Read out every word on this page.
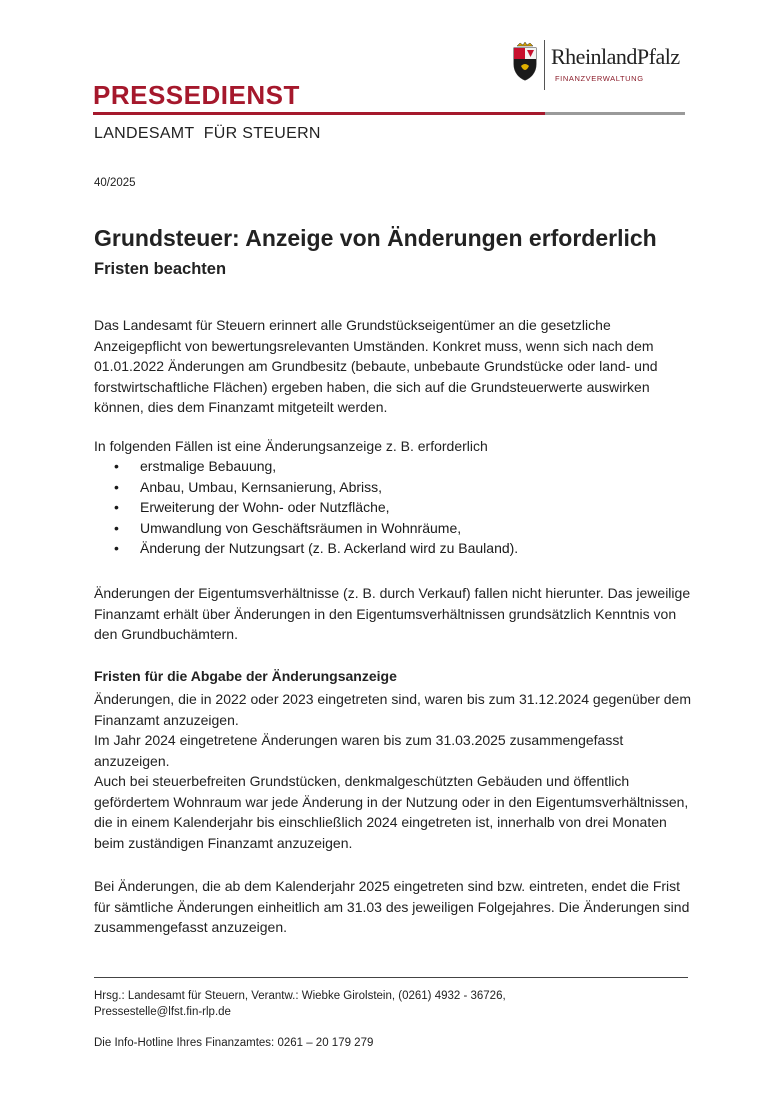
RheinlandPfalz
FINANZVERWALTUNG
PRESSEDIENST
LANDESAMT  FÜR STEUERN
40/2025
Grundsteuer: Anzeige von Änderungen erforderlich
Fristen beachten
Das Landesamt für Steuern erinnert alle Grundstückseigentümer an die gesetzliche Anzeigepflicht von bewertungsrelevanten Umständen. Konkret muss, wenn sich nach dem 01.01.2022 Änderungen am Grundbesitz (bebaute, unbebaute Grundstücke oder land- und forstwirtschaftliche Flächen) ergeben haben, die sich auf die Grundsteuerwerte auswirken können, dies dem Finanzamt mitgeteilt werden.
In folgenden Fällen ist eine Änderungsanzeige z. B. erforderlich
• erstmalige Bebauung,
• Anbau, Umbau, Kernsanierung, Abriss,
• Erweiterung der Wohn- oder Nutzfläche,
• Umwandlung von Geschäftsräumen in Wohnräume,
• Änderung der Nutzungsart (z. B. Ackerland wird zu Bauland).
Änderungen der Eigentumsverhältnisse (z. B. durch Verkauf) fallen nicht hierunter. Das jeweilige Finanzamt erhält über Änderungen in den Eigentumsverhältnissen grundsätzlich Kenntnis von den Grundbuchämtern.
Fristen für die Abgabe der Änderungsanzeige
Änderungen, die in 2022 oder 2023 eingetreten sind, waren bis zum 31.12.2024 gegenüber dem Finanzamt anzuzeigen.
Im Jahr 2024 eingetretene Änderungen waren bis zum 31.03.2025 zusammengefasst anzuzeigen.
Auch bei steuerbefreiten Grundstücken, denkmalgeschützten Gebäuden und öffentlich gefördertem Wohnraum war jede Änderung in der Nutzung oder in den Eigentumsverhältnissen, die in einem Kalenderjahr bis einschließlich 2024 eingetreten ist, innerhalb von drei Monaten beim zuständigen Finanzamt anzuzeigen.
Bei Änderungen, die ab dem Kalenderjahr 2025 eingetreten sind bzw. eintreten, endet die Frist für sämtliche Änderungen einheitlich am 31.03 des jeweiligen Folgejahres. Die Änderungen sind zusammengefasst anzuzeigen.
Hrsg.: Landesamt für Steuern, Verantw.: Wiebke Girolstein, (0261) 4932 - 36726,
Pressestelle@lfst.fin-rlp.de
Die Info-Hotline Ihres Finanzamtes: 0261 – 20 179 279
